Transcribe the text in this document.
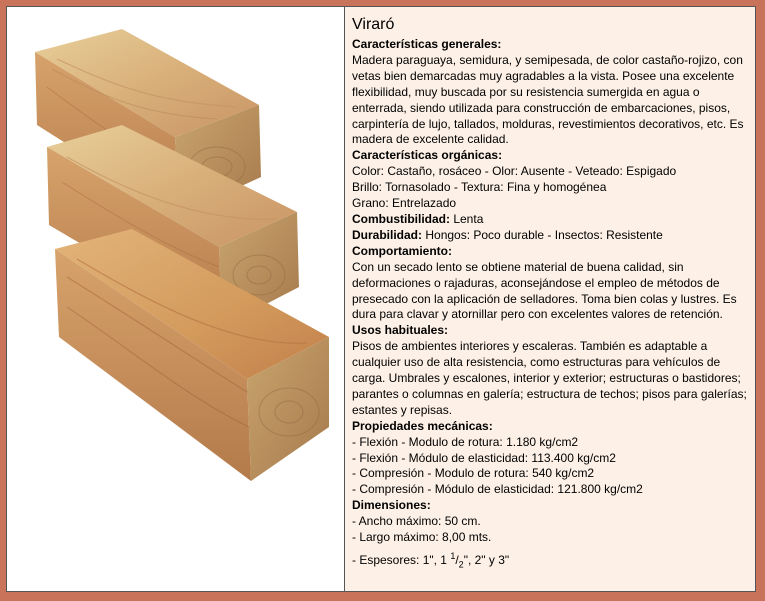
Viraró
Características generales:
Madera paraguaya, semidura, y semipesada, de color castaño-rojizo, con vetas bien demarcadas muy agradables a la vista. Posee una excelente flexibilidad, muy buscada por su resistencia sumergida en agua o enterrada, siendo utilizada para construcción de embarcaciones, pisos, carpintería de lujo, tallados, molduras, revestimientos decorativos, etc. Es madera de excelente calidad.
Características orgánicas:
Color: Castaño, rosáceo - Olor: Ausente - Veteado: Espigado
Brillo: Tornasolado - Textura: Fina y homogénea
Grano: Entrelazado
Combustibilidad: Lenta
Durabilidad: Hongos: Poco durable - Insectos: Resistente
Comportamiento:
Con un secado lento se obtiene material de buena calidad, sin deformaciones o rajaduras, aconsejándose el empleo de métodos de presecado con la aplicación de selladores. Toma bien colas y lustres. Es dura para clavar y atornillar pero con excelentes valores de retención.
Usos habituales:
Pisos de ambientes interiores y escaleras. También es adaptable a cualquier uso de alta resistencia, como estructuras para vehículos de carga. Umbrales y escalones, interior y exterior; estructuras o bastidores; parantes o columnas en galería; estructura de techos; pisos para galerías; estantes y repisas.
Propiedades mecánicas:
- Flexión - Modulo de rotura: 1.180 kg/cm2
- Flexión - Módulo de elasticidad: 113.400 kg/cm2
- Compresión - Modulo de rotura: 540 kg/cm2
- Compresión - Módulo de elasticidad: 121.800 kg/cm2
Dimensiones:
- Ancho máximo: 50 cm.
- Largo máximo: 8,00 mts.
- Espesores: 1", 1 $^1/_2$", 2" y 3"
